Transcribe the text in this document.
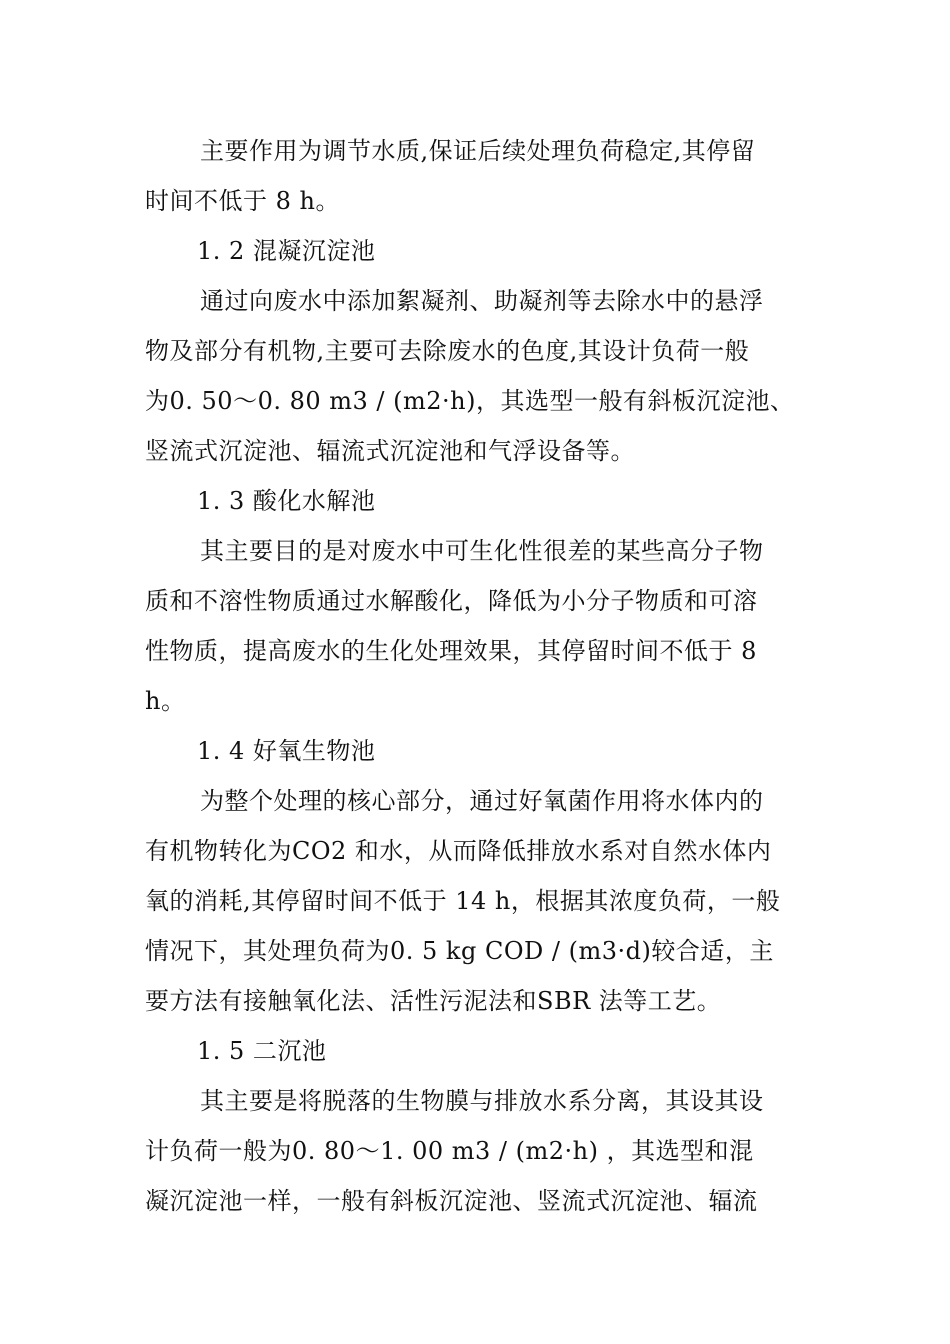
主要作用为调节水质,保证后续处理负荷稳定,其停留
时间不低于 8 h。
1. 2 混凝沉淀池
通过向废水中添加絮凝剂、助凝剂等去除水中的悬浮
物及部分有机物,主要可去除废水的色度,其设计负荷一般
为0. 50～0. 80 m3 / (m2·h)，其选型一般有斜板沉淀池、
竖流式沉淀池、辐流式沉淀池和气浮设备等。
1. 3 酸化水解池
其主要目的是对废水中可生化性很差的某些高分子物
质和不溶性物质通过水解酸化，降低为小分子物质和可溶
性物质，提高废水的生化处理效果，其停留时间不低于 8
h。
1. 4 好氧生物池
为整个处理的核心部分，通过好氧菌作用将水体内的
有机物转化为CO2 和水，从而降低排放水系对自然水体内
氧的消耗,其停留时间不低于 14 h，根据其浓度负荷，一般
情况下，其处理负荷为0. 5 kg COD / (m3·d)较合适，主
要方法有接触氧化法、活性污泥法和SBR 法等工艺。
1. 5 二沉池
其主要是将脱落的生物膜与排放水系分离，其设其设
计负荷一般为0. 80～1. 00 m3 / (m2·h) ，其选型和混
凝沉淀池一样，一般有斜板沉淀池、竖流式沉淀池、辐流
